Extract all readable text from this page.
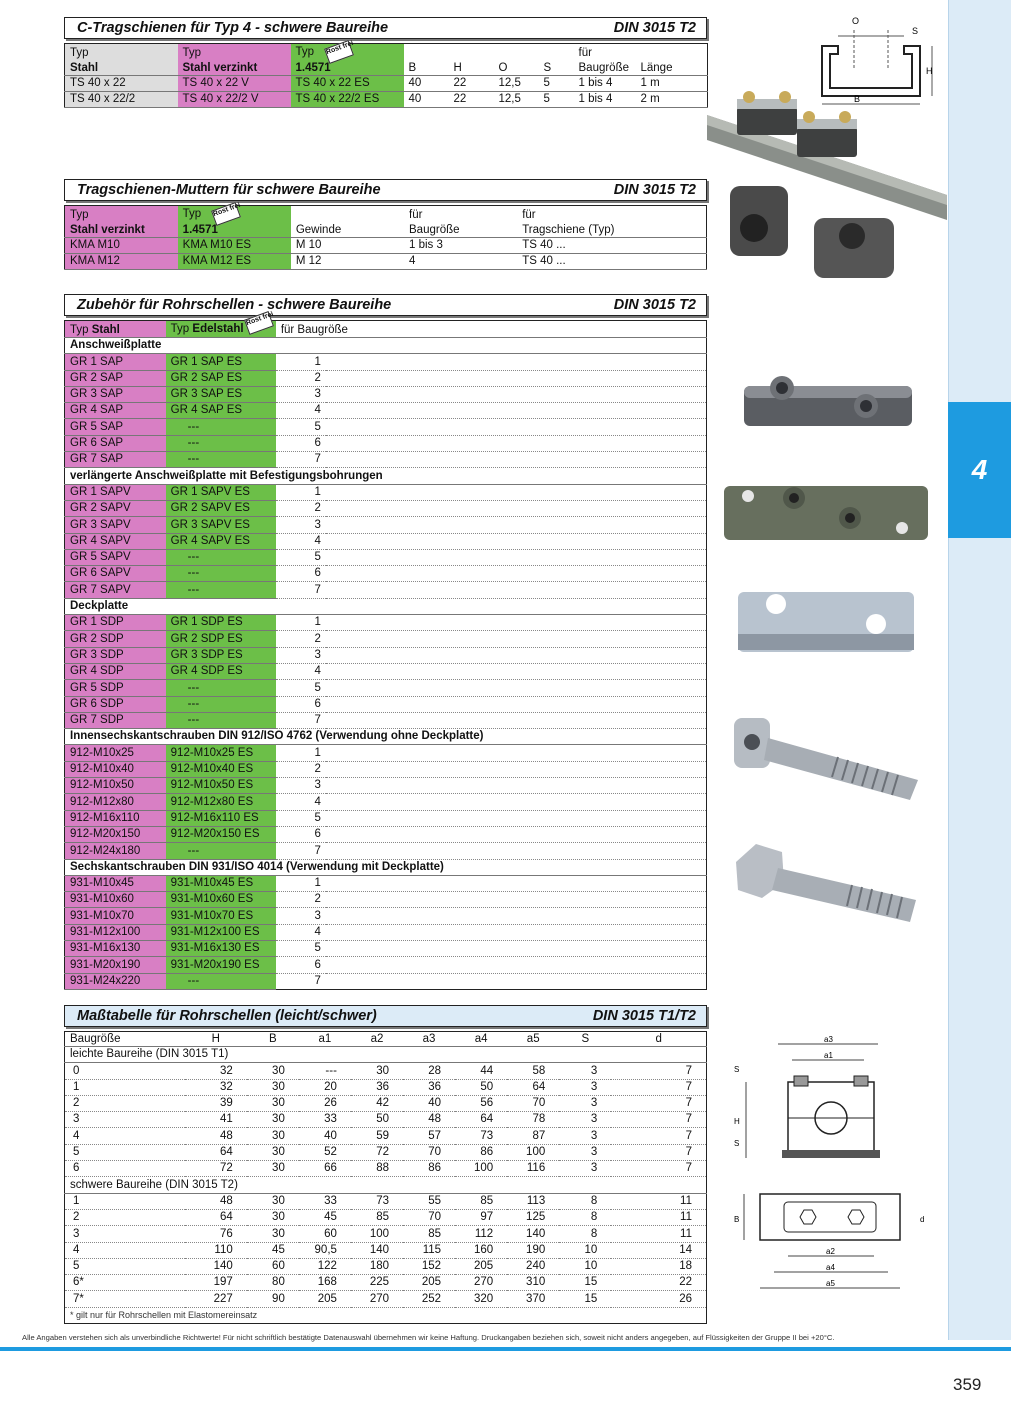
4
C-Tragschienen für Typ 4 - schwere Baureihe	DIN 3015 T2
Typ	Typ	Typ Rost frei					für	
Stahl	Stahl verzinkt	1.4571	B	H	O	S	Baugröße	Länge
TS 40 x 22	TS 40 x 22 V	TS 40 x 22 ES	40	22	12,5	5	1 bis 4	1 m
TS 40 x 22/2	TS 40 x 22/2 V	TS 40 x 22/2 ES	40	22	12,5	5	1 bis 4	2 m
Tragschienen-Muttern für schwere Baureihe	DIN 3015 T2
Typ	Typ Rost frei		für	für
Stahl verzinkt	1.4571	Gewinde	Baugröße	Tragschiene (Typ)
KMA M10	KMA M10 ES	M 10	1 bis 3	TS 40 ...
KMA M12	KMA M12 ES	M 12	4	TS 40 ...
Zubehör für Rohrschellen - schwere Baureihe	DIN 3015 T2
Typ Stahl	Typ EdelstahlRost frei	für Baugröße	
Anschweißplatte			
GR 1 SAP	GR 1 SAP ES	1	
GR 2 SAP	GR 2 SAP ES	2	
GR 3 SAP	GR 3 SAP ES	3	
GR 4 SAP	GR 4 SAP ES	4	
GR 5 SAP	---	5	
GR 6 SAP	---	6	
GR 7 SAP	---	7	
verlängerte Anschweißplatte mit Befestigungsbohrungen			
GR 1 SAPV	GR 1 SAPV ES	1	
GR 2 SAPV	GR 2 SAPV ES	2	
GR 3 SAPV	GR 3 SAPV ES	3	
GR 4 SAPV	GR 4 SAPV ES	4	
GR 5 SAPV	---	5	
GR 6 SAPV	---	6	
GR 7 SAPV	---	7	
Deckplatte			
GR 1 SDP	GR 1 SDP ES	1	
GR 2 SDP	GR 2 SDP ES	2	
GR 3 SDP	GR 3 SDP ES	3	
GR 4 SDP	GR 4 SDP ES	4	
GR 5 SDP	---	5	
GR 6 SDP	---	6	
GR 7 SDP	---	7	
Innensechskantschrauben DIN 912/ISO 4762 (Verwendung ohne Deckplatte)			
912-M10x25	912-M10x25 ES	1	
912-M10x40	912-M10x40 ES	2	
912-M10x50	912-M10x50 ES	3	
912-M12x80	912-M12x80 ES	4	
912-M16x110	912-M16x110 ES	5	
912-M20x150	912-M20x150 ES	6	
912-M24x180	---	7	
Sechskantschrauben DIN 931/ISO 4014 (Verwendung mit Deckplatte)			
931-M10x45	931-M10x45 ES	1	
931-M10x60	931-M10x60 ES	2	
931-M10x70	931-M10x70 ES	3	
931-M12x100	931-M12x100 ES	4	
931-M16x130	931-M16x130 ES	5	
931-M20x190	931-M20x190 ES	6	
931-M24x220	---	7	
Maßtabelle für Rohrschellen (leicht/schwer)	DIN 3015 T1/T2
Baugröße	H	B	a1	a2	a3	a4	a5	S	d
leichte Baureihe (DIN 3015 T1)									
0	32	30	---	30	28	44	58	3	7
1	32	30	20	36	36	50	64	3	7
2	39	30	26	42	40	56	70	3	7
3	41	30	33	50	48	64	78	3	7
4	48	30	40	59	57	73	87	3	7
5	64	30	52	72	70	86	100	3	7
6	72	30	66	88	86	100	116	3	7
schwere Baureihe (DIN 3015 T2)									
1	48	30	33	73	55	85	113	8	11
2	64	30	45	85	70	97	125	8	11
3	76	30	60	100	85	112	140	8	11
4	110	45	90,5	140	115	160	190	10	14
5	140	60	122	180	152	205	240	10	18
6*	197	80	168	225	205	270	310	15	22
7*	227	90	205	270	252	320	370	15	26
* gilt nur für Rohrschellen mit Elastomereinsatz									
O
S
H
B
a3
a1
H
S
S
B	d
a2
a4
a5
Alle Angaben verstehen sich als unverbindliche Richtwerte! Für nicht schriftlich bestätigte Datenauswahl übernehmen wir keine Haftung. Druckangaben beziehen sich, soweit nicht anders angegeben, auf Flüssigkeiten der Gruppe II bei +20°C.
359
